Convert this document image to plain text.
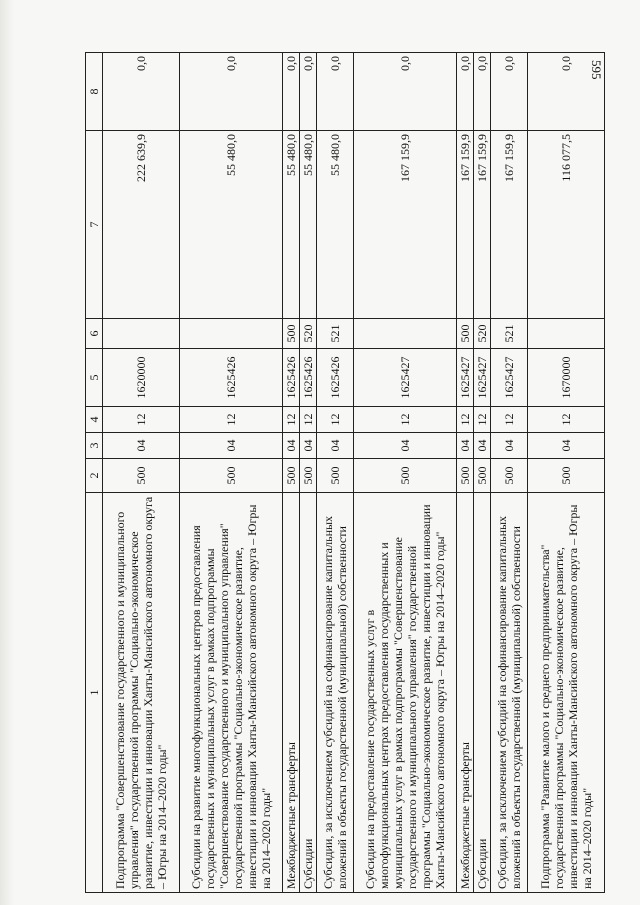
595
1	2	3	4	5	6	7	8
Подпрограмма "Совершенствование государственного и муниципального управления" государственной программы "Социально-экономическое развитие, инвестиции и инновации Ханты-Мансийского автономного округа – Югры на 2014–2020 годы"	500	04	12	1620000		222 639,9	0,0
Субсидии на развитие многофункциональных центров предоставления государственных и муниципальных услуг в рамках подпрограммы "Совершенствование государственного и муниципального управления" государственной программы "Социально-экономическое развитие, инвестиции и инновации Ханты-Мансийского автономного округа – Югры на 2014–2020 годы"	500	04	12	1625426		55 480,0	0,0
Межбюджетные трансферты	500	04	12	1625426	500	55 480,0	0,0
Субсидии	500	04	12	1625426	520	55 480,0	0,0
Субсидии, за исключением субсидий на софинансирование капитальных вложений в объекты государственной (муниципальной) собственности	500	04	12	1625426	521	55 480,0	0,0
Субсидии на предоставление государственных услуг в многофункциональных центрах предоставления государственных и муниципальных услуг в рамках подпрограммы "Совершенствование государственного и муниципального управления" государственной программы "Социально-экономическое развитие, инвестиции и инновации Ханты-Мансийского автономного округа – Югры на 2014–2020 годы"	500	04	12	1625427		167 159,9	0,0
Межбюджетные трансферты	500	04	12	1625427	500	167 159,9	0,0
Субсидии	500	04	12	1625427	520	167 159,9	0,0
Субсидии, за исключением субсидий на софинансирование капитальных вложений в объекты государственной (муниципальной) собственности	500	04	12	1625427	521	167 159,9	0,0
Подпрограмма "Развитие малого и среднего предпринимательства" государственной программы "Социально-экономическое развитие, инвестиции и инновации Ханты-Мансийского автономного округа – Югры на 2014–2020 годы"	500	04	12	1670000		116 077,5	0,0
